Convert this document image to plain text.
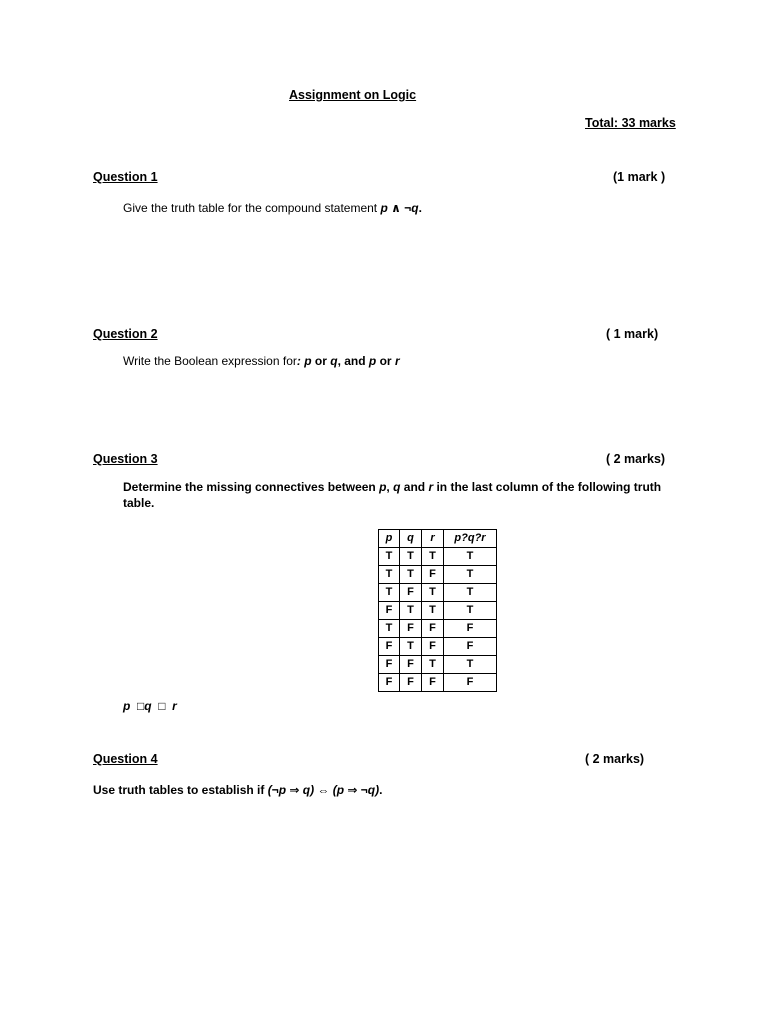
Assignment on Logic
Total: 33 marks
Question 1	(1 mark )
Give the truth table for the compound statement p ∧ ¬q.
Question 2	( 1 mark)
Write the Boolean expression for: p or q, and p or r
Question 3	( 2 marks)
Determine the missing connectives between p, q and r in the last column of the following truth table.
p	q	r	p?q?r
T	T	T	T
T	T	F	T
T	F	T	T
F	T	T	T
T	F	F	F
F	T	F	F
F	F	T	T
F	F	F	F
p  □q  □  r
Question 4	( 2 marks)
Use truth tables to establish if (¬p ⇒ q) ⇔ (p ⇒ ¬q).
